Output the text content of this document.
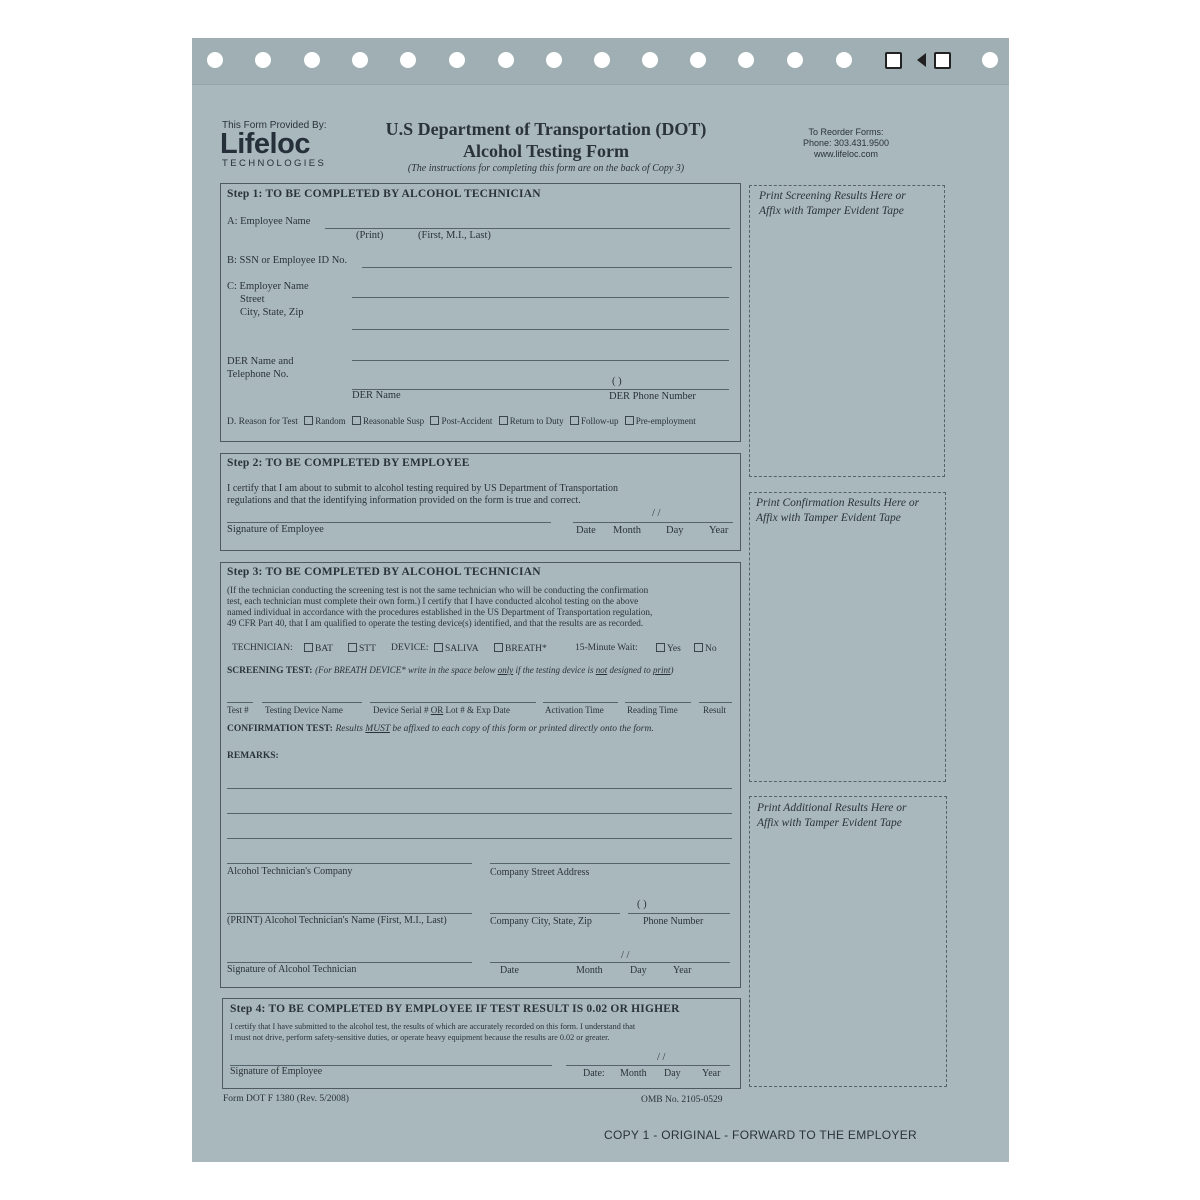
This Form Provided By:
Lifeloc
TECHNOLOGIES
U.S Department of Transportation (DOT)
Alcohol Testing Form
(The instructions for completing this form are on the back of Copy 3)
To Reorder Forms:
Phone: 303.431.9500
www.lifeloc.com
Step 1: TO BE COMPLETED BY ALCOHOL TECHNICIAN
A: Employee Name
(Print)	(First, M.I., Last)
B: SSN or Employee ID No.
C: Employer Name
Street
City, State, Zip
DER Name and
Telephone No.
( )
DER Name	DER Phone Number
D. Reason for Test Random Reasonable Susp Post-Accident Return to Duty Follow-up Pre-employment
Step 2: TO BE COMPLETED BY EMPLOYEE
I certify that I am about to submit to alcohol testing required by US Department of Transportation
regulations and that the identifying information provided on the form is true and correct.
/ /
Signature of Employee	Date Month Day Year
Step 3: TO BE COMPLETED BY ALCOHOL TECHNICIAN
(If the technician conducting the screening test is not the same technician who will be conducting the confirmation
test, each technician must complete their own form.) I certify that I have conducted alcohol testing on the above
named individual in accordance with the procedures established in the US Department of Transportation regulation,
49 CFR Part 40, that I am qualified to operate the testing device(s) identified, and that the results are as recorded.
TECHNICIAN:	BAT	STT DEVICE:	SALIVA	BREATH*	15-Minute Wait:	Yes	No
SCREENING TEST: (For BREATH DEVICE* write in the space below only if the testing device is not designed to print)
Test # Testing Device Name	Device Serial # OR Lot # & Exp Date	Activation Time	Reading Time	Result
CONFIRMATION TEST: Results MUST be affixed to each copy of this form or printed directly onto the form.
REMARKS:
Alcohol Technician's Company	Company Street Address
( )
(PRINT) Alcohol Technician's Name (First, M.I., Last)	Company City, State, Zip	Phone Number
/ /
Signature of Alcohol Technician	Date	Month	Day	Year
Step 4: TO BE COMPLETED BY EMPLOYEE IF TEST RESULT IS 0.02 OR HIGHER
I certify that I have submitted to the alcohol test, the results of which are accurately recorded on this form. I understand that
I must not drive, perform safety-sensitive duties, or operate heavy equipment because the results are 0.02 or greater.
/ /
Signature of Employee	Date: Month Day Year
Print Screening Results Here or
Affix with Tamper Evident Tape
Print Confirmation Results Here or
Affix with Tamper Evident Tape
Print Additional Results Here or
Affix with Tamper Evident Tape
Form DOT F 1380 (Rev. 5/2008)	OMB No. 2105-0529
COPY 1 - ORIGINAL - FORWARD TO THE EMPLOYER
